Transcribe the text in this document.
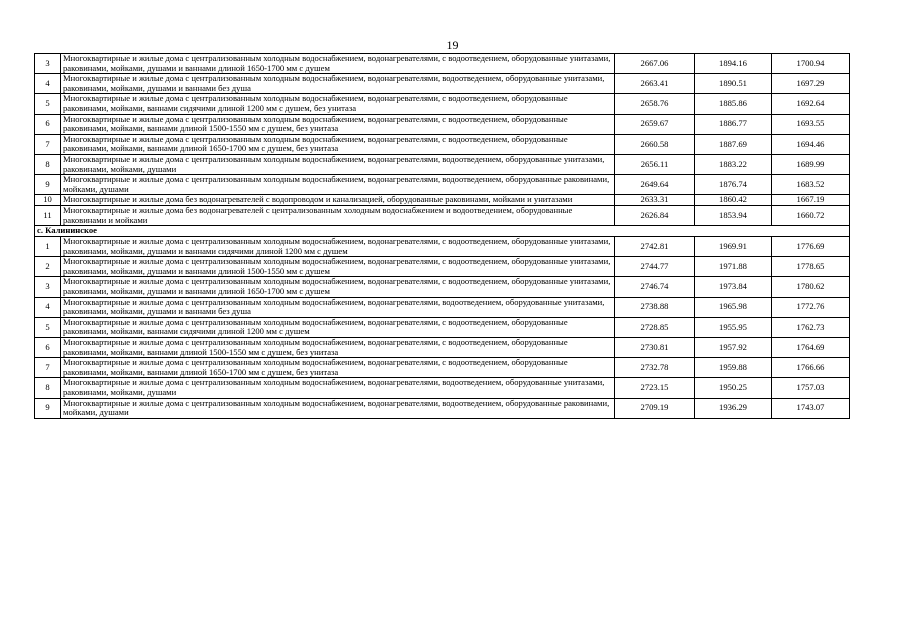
19
3	Многоквартирные и жилые дома с централизованным холодным водоснабжением, водонагревателями, с водоотведением, оборудованные унитазами, раковинами, мойками, душами и ваннами длиной 1650-1700 мм с душем	2667.06	1894.16	1700.94
4	Многоквартирные и жилые дома с централизованным холодным водоснабжением, водонагревателями, водоотведением, оборудованные унитазами, раковинами, мойками, душами и ваннами без душа	2663.41	1890.51	1697.29
5	Многоквартирные и жилые дома с централизованным холодным водоснабжением, водонагревателями, с водоотведением, оборудованные раковинами, мойками, ваннами сидячими длиной 1200 мм с душем, без унитаза	2658.76	1885.86	1692.64
6	Многоквартирные и жилые дома с централизованным холодным водоснабжением, водонагревателями, с водоотведением, оборудованные раковинами, мойками, ваннами длиной 1500-1550 мм с душем, без унитаза	2659.67	1886.77	1693.55
7	Многоквартирные и жилые дома с централизованным холодным водоснабжением, водонагревателями, с водоотведением, оборудованные раковинами, мойками, ваннами длиной 1650-1700 мм с душем, без унитаза	2660.58	1887.69	1694.46
8	Многоквартирные и жилые дома с централизованным холодным водоснабжением, водонагревателями, водоотведением, оборудованные унитазами, раковинами, мойками, душами	2656.11	1883.22	1689.99
9	Многоквартирные и жилые дома с централизованным холодным водоснабжением, водонагревателями, водоотведением, оборудованные раковинами, мойками, душами	2649.64	1876.74	1683.52
10	Многоквартирные и жилые дома без водонагревателей с водопроводом и канализацией, оборудованные раковинами, мойками и унитазами	2633.31	1860.42	1667.19
11	Многоквартирные и жилые дома без водонагревателей с централизованным холодным водоснабжением и водоотведением, оборудованные раковинами и мойками	2626.84	1853.94	1660.72
с. Калининское				
1	Многоквартирные и жилые дома с централизованным холодным водоснабжением, водонагревателями, с водоотведением, оборудованные унитазами, раковинами, мойками, душами и ваннами сидячими длиной 1200 мм с душем	2742.81	1969.91	1776.69
2	Многоквартирные и жилые дома с централизованным холодным водоснабжением, водонагревателями, с водоотведением, оборудованные унитазами, раковинами, мойками, душами и ваннами длиной 1500-1550 мм с душем	2744.77	1971.88	1778.65
3	Многоквартирные и жилые дома с централизованным холодным водоснабжением, водонагревателями, с водоотведением, оборудованные унитазами, раковинами, мойками, душами и ваннами длиной 1650-1700 мм с душем	2746.74	1973.84	1780.62
4	Многоквартирные и жилые дома с централизованным холодным водоснабжением, водонагревателями, водоотведением, оборудованные унитазами, раковинами, мойками, душами и ваннами без душа	2738.88	1965.98	1772.76
5	Многоквартирные и жилые дома с централизованным холодным водоснабжением, водонагревателями, с водоотведением, оборудованные раковинами, мойками, ваннами сидячими длиной 1200 мм с душем	2728.85	1955.95	1762.73
6	Многоквартирные и жилые дома с централизованным холодным водоснабжением, водонагревателями, с водоотведением, оборудованные раковинами, мойками, ваннами длиной 1500-1550 мм с душем, без унитаза	2730.81	1957.92	1764.69
7	Многоквартирные и жилые дома с централизованным холодным водоснабжением, водонагревателями, с водоотведением, оборудованные раковинами, мойками, ваннами длиной 1650-1700 мм с душем, без унитаза	2732.78	1959.88	1766.66
8	Многоквартирные и жилые дома с централизованным холодным водоснабжением, водонагревателями, водоотведением, оборудованные унитазами, раковинами, мойками, душами	2723.15	1950.25	1757.03
9	Многоквартирные и жилые дома с централизованным холодным водоснабжением, водонагревателями, водоотведением, оборудованные раковинами, мойками, душами	2709.19	1936.29	1743.07
